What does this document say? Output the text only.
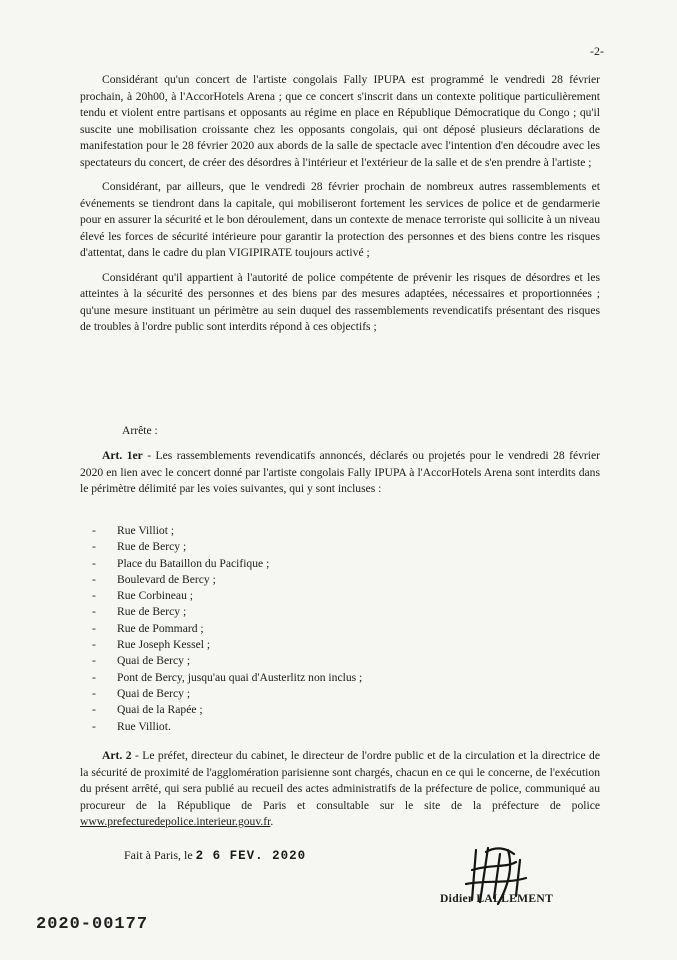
-2-

Considérant qu'un concert de l'artiste congolais Fally IPUPA est programmé le vendredi 28 février prochain, à 20h00, à l'AccorHotels Arena ; que ce concert s'inscrit dans un contexte politique particulièrement tendu et violent entre partisans et opposants au régime en place en République Démocratique du Congo ; qu'il suscite une mobilisation croissante chez les opposants congolais, qui ont déposé plusieurs déclarations de manifestation pour le 28 février 2020 aux abords de la salle de spectacle avec l'intention d'en découdre avec les spectateurs du concert, de créer des désordres à l'intérieur et l'extérieur de la salle et de s'en prendre à l'artiste ;

Considérant, par ailleurs, que le vendredi 28 février prochain de nombreux autres rassemblements et événements se tiendront dans la capitale, qui mobiliseront fortement les services de police et de gendarmerie pour en assurer la sécurité et le bon déroulement, dans un contexte de menace terroriste qui sollicite à un niveau élevé les forces de sécurité intérieure pour garantir la protection des personnes et des biens contre les risques d'attentat, dans le cadre du plan VIGIPIRATE toujours activé ;

Considérant qu'il appartient à l'autorité de police compétente de prévenir les risques de désordres et les atteintes à la sécurité des personnes et des biens par des mesures adaptées, nécessaires et proportionnées ; qu'une mesure instituant un périmètre au sein duquel des rassemblements revendicatifs présentant des risques de troubles à l'ordre public sont interdits répond à ces objectifs ;

Arrête :

Art. 1er - Les rassemblements revendicatifs annoncés, déclarés ou projetés pour le vendredi 28 février 2020 en lien avec le concert donné par l'artiste congolais Fally IPUPA à l'AccorHotels Arena sont interdits dans le périmètre délimité par les voies suivantes, qui y sont incluses :

-	Rue Villiot ;
-	Rue de Bercy ;
-	Place du Bataillon du Pacifique ;
-	Boulevard de Bercy ;
-	Rue Corbineau ;
-	Rue de Bercy ;
-	Rue de Pommard ;
-	Rue Joseph Kessel ;
-	Quai de Bercy ;
-	Pont de Bercy, jusqu'au quai d'Austerlitz non inclus ;
-	Quai de Bercy ;
-	Quai de la Rapée ;
-	Rue Villiot.

Art. 2 - Le préfet, directeur du cabinet, le directeur de l'ordre public et de la circulation et la directrice de la sécurité de proximité de l'agglomération parisienne sont chargés, chacun en ce qui le concerne, de l'exécution du présent arrêté, qui sera publié au recueil des actes administratifs de la préfecture de police, communiqué au procureur de la République de Paris et consultable sur le site de la préfecture de police www.prefecturedepolice.interieur.gouv.fr.

Fait à Paris, le 2 6 FEV. 2020
Didier LALLEMENT
2020-00177
